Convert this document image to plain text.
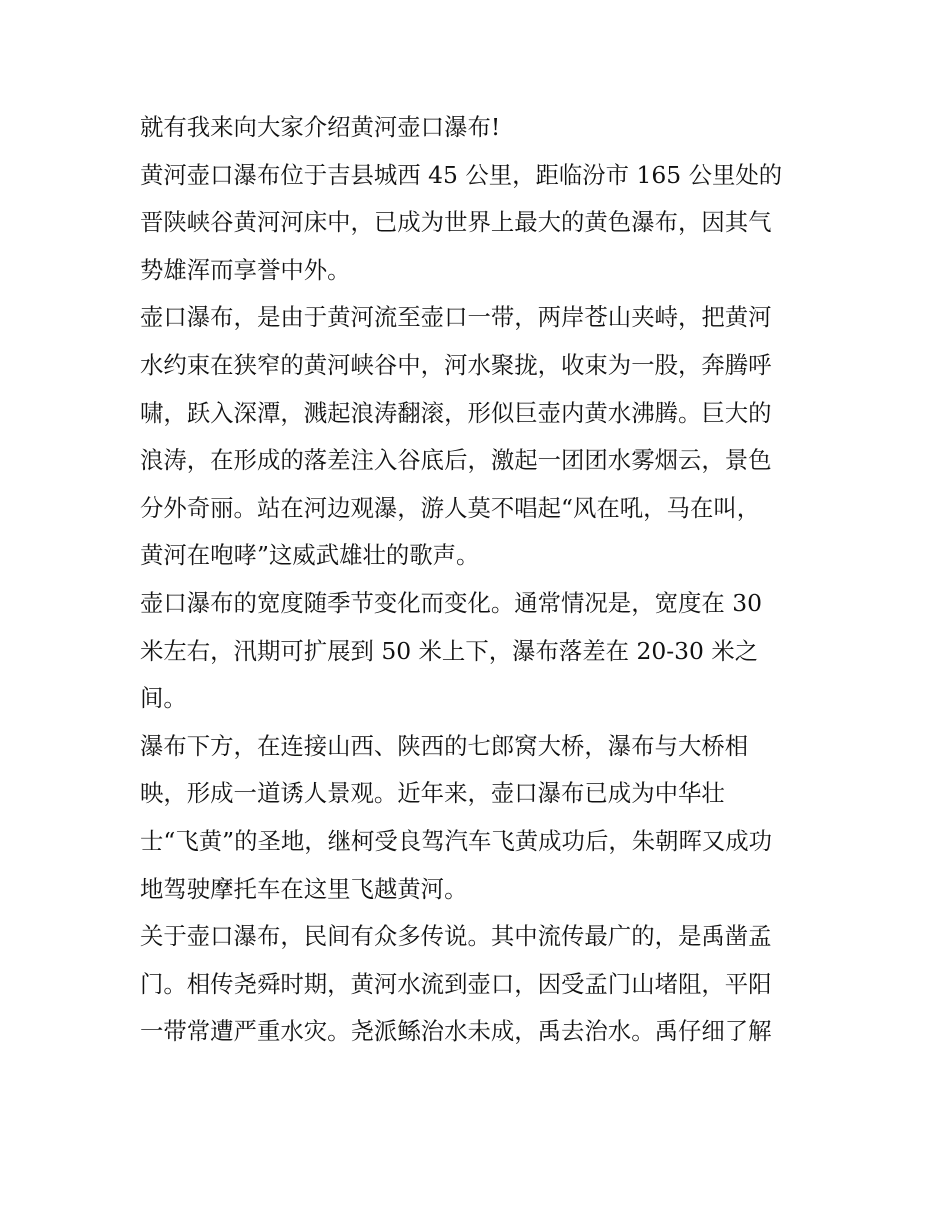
就有我来向大家介绍黄河壶口瀑布!
黄河壶口瀑布位于吉县城西 45 公里，距临汾市 165 公里处的
晋陕峡谷黄河河床中，已成为世界上最大的黄色瀑布，因其气
势雄浑而享誉中外。
壶口瀑布，是由于黄河流至壶口一带，两岸苍山夹峙，把黄河
水约束在狭窄的黄河峡谷中，河水聚拢，收束为一股，奔腾呼
啸，跃入深潭，溅起浪涛翻滚，形似巨壶内黄水沸腾。巨大的
浪涛，在形成的落差注入谷底后，激起一团团水雾烟云，景色
分外奇丽。站在河边观瀑，游人莫不唱起“风在吼，马在叫，
黄河在咆哮”这威武雄壮的歌声。
壶口瀑布的宽度随季节变化而变化。通常情况是，宽度在 30
米左右，汛期可扩展到 50 米上下，瀑布落差在 20-30 米之
间。
瀑布下方，在连接山西、陕西的七郎窝大桥，瀑布与大桥相
映，形成一道诱人景观。近年来，壶口瀑布已成为中华壮
士“飞黄”的圣地，继柯受良驾汽车飞黄成功后，朱朝晖又成功
地驾驶摩托车在这里飞越黄河。
关于壶口瀑布，民间有众多传说。其中流传最广的，是禹凿孟
门。相传尧舜时期，黄河水流到壶口，因受孟门山堵阻，平阳
一带常遭严重水灾。尧派鲧治水未成，禹去治水。禹仔细了解
